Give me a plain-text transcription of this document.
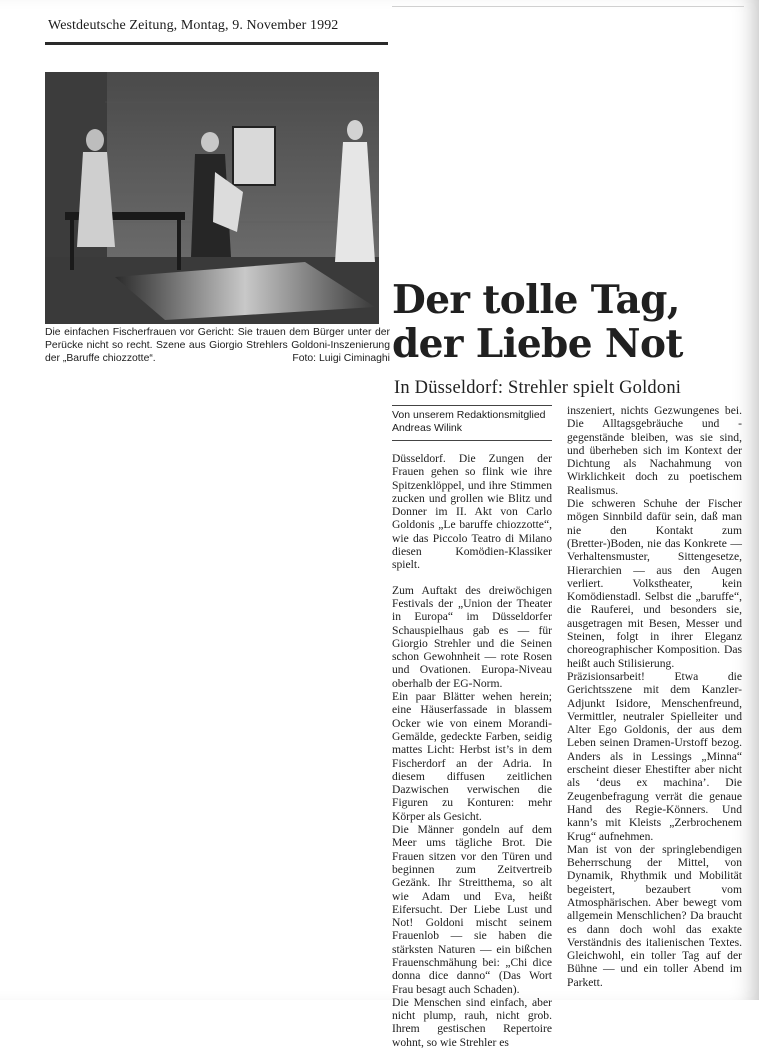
Westdeutsche Zeitung, Montag, 9. November 1992
Die einfachen Fischerfrauen vor Gericht: Sie trauen dem Bürger unter der Perücke nicht so recht. Szene aus Giorgio Strehlers Goldoni-Inszenierung der „Baruffe chiozzotte“.	Foto: Luigi Ciminaghi
Der tolle Tag,
der Liebe Not
In Düsseldorf: Strehler spielt Goldoni
Von unserem Redaktionsmitglied
Andreas Wilink

Düsseldorf. Die Zungen der Frauen gehen so flink wie ihre Spitzenklöppel, und ihre Stimmen zucken und grollen wie Blitz und Donner im II. Akt von Carlo Goldonis „Le baruffe chiozzotte“, wie das Piccolo Teatro di Milano diesen Komödien-Klassiker spielt.

Zum Auftakt des dreiwöchigen Festivals der „Union der Theater in Europa“ im Düsseldorfer Schauspielhaus gab es — für Giorgio Strehler und die Seinen schon Gewohnheit — rote Rosen und Ovationen. Europa-Niveau oberhalb der EG-Norm.

Ein paar Blätter wehen herein; eine Häuserfassade in blassem Ocker wie von einem Morandi-Gemälde, gedeckte Farben, seidig mattes Licht: Herbst ist’s in dem Fischerdorf an der Adria. In diesem diffusen zeitlichen Dazwischen verwischen die Figuren zu Konturen: mehr Körper als Gesicht.

Die Männer gondeln auf dem Meer ums tägliche Brot. Die Frauen sitzen vor den Türen und beginnen zum Zeitvertreib Gezänk. Ihr Streitthema, so alt wie Adam und Eva, heißt Eifersucht. Der Liebe Lust und Not! Goldoni mischt seinem Frauenlob — sie haben die stärksten Naturen — ein bißchen Frauenschmähung bei: „Chi dice donna dice danno“ (Das Wort Frau besagt auch Schaden).

Die Menschen sind einfach, aber nicht plump, rauh, nicht grob. Ihrem gestischen Repertoire wohnt, so wie Strehler es

inszeniert, nichts Gezwungenes bei. Die Alltagsgebräuche und -gegenstände bleiben, was sie sind, und überheben sich im Kontext der Dichtung als Nachahmung von Wirklichkeit doch zu poetischem Realismus.

Die schweren Schuhe der Fischer mögen Sinnbild dafür sein, daß man nie den Kontakt zum (Bretter-)Boden, nie das Konkrete — Verhaltensmuster, Sittengesetze, Hierarchien — aus den Augen verliert. Volkstheater, kein Komödienstadl. Selbst die „baruffe“, die Rauferei, und besonders sie, ausgetragen mit Besen, Messer und Steinen, folgt in ihrer Eleganz choreographischer Komposition. Das heißt auch Stilisierung.

Präzisionsarbeit! Etwa die Gerichtsszene mit dem Kanzler-Adjunkt Isidore, Menschenfreund, Vermittler, neutraler Spielleiter und Alter Ego Goldonis, der aus dem Leben seinen Dramen-Urstoff bezog. Anders als in Lessings „Minna“ erscheint dieser Ehestifter aber nicht als ‘deus ex machina’. Die Zeugenbefragung verrät die genaue Hand des Regie-Könners. Und kann’s mit Kleists „Zerbrochenem Krug“ aufnehmen.

Man ist von der springlebendigen Beherrschung der Mittel, von Dynamik, Rhythmik und Mobilität begeistert, bezaubert vom Atmosphärischen. Aber bewegt vom allgemein Menschlichen? Da braucht es dann doch wohl das exakte Verständnis des italienischen Textes. Gleichwohl, ein toller Tag auf der Bühne — und ein toller Abend im Parkett.
